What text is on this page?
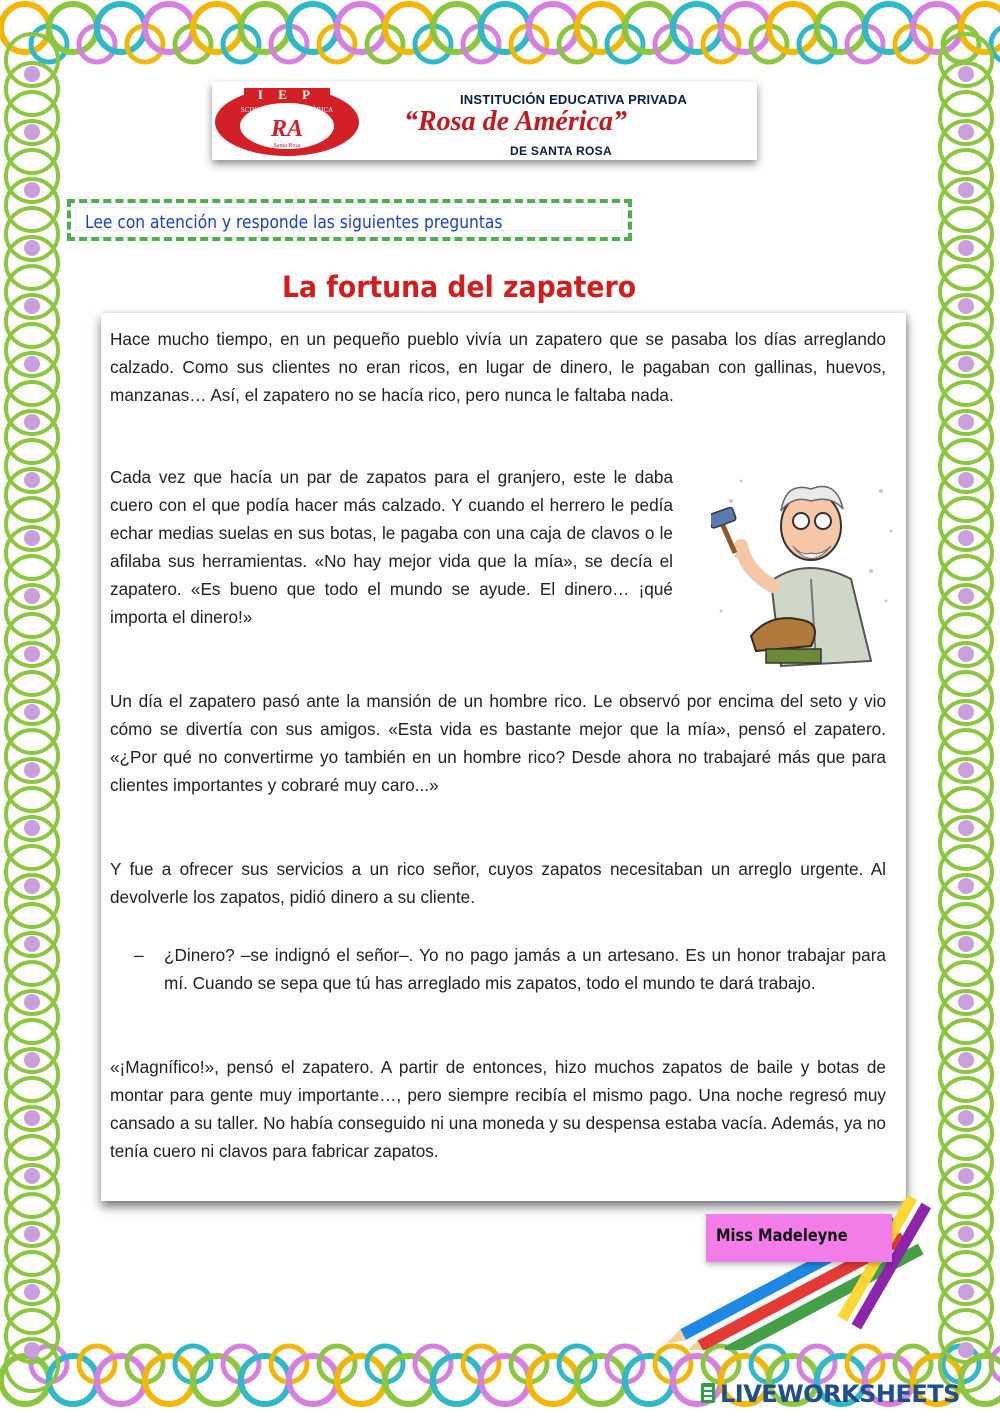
I E P
SCHOOL ROSA DE AMÉRICA
RA
Santa Rosa
INSTITUCIÓN EDUCATIVA PRIVADA
“Rosa de América”
DE SANTA ROSA
Lee con atención y responde las siguientes preguntas
La fortuna del zapatero

Hace mucho tiempo, en un pequeño pueblo vivía un zapatero que se pasaba los días arreglando calzado. Como sus clientes no eran ricos, en lugar de dinero, le pagaban con gallinas, huevos, manzanas… Así, el zapatero no se hacía rico, pero nunca le faltaba nada.

Cada vez que hacía un par de zapatos para el granjero, este le daba cuero con el que podía hacer más calzado. Y cuando el herrero le pedía echar medias suelas en sus botas, le pagaba con una caja de clavos o le afilaba sus herramientas. «No hay mejor vida que la mía», se decía el zapatero. «Es bueno que todo el mundo se ayude. El dinero… ¡qué importa el dinero!»

Un día el zapatero pasó ante la mansión de un hombre rico. Le observó por encima del seto y vio cómo se divertía con sus amigos. «Esta vida es bastante mejor que la mía», pensó el zapatero. «¿Por qué no convertirme yo también en un hombre rico? Desde ahora no trabajaré más que para clientes importantes y cobraré muy caro...»

Y fue a ofrecer sus servicios a un rico señor, cuyos zapatos necesitaban un arreglo urgente. Al devolverle los zapatos, pidió dinero a su cliente.

– ¿Dinero? –se indignó el señor–. Yo no pago jamás a un artesano. Es un honor trabajar para mí. Cuando se sepa que tú has arreglado mis zapatos, todo el mundo te dará trabajo.

«¡Magnífico!», pensó el zapatero. A partir de entonces, hizo muchos zapatos de baile y botas de montar para gente muy importante…, pero siempre recibía el mismo pago. Una noche regresó muy cansado a su taller. No había conseguido ni una moneda y su despensa estaba vacía. Además, ya no tenía cuero ni clavos para fabricar zapatos.

Miss Madeleyne
LIVEWORKSHEETS
